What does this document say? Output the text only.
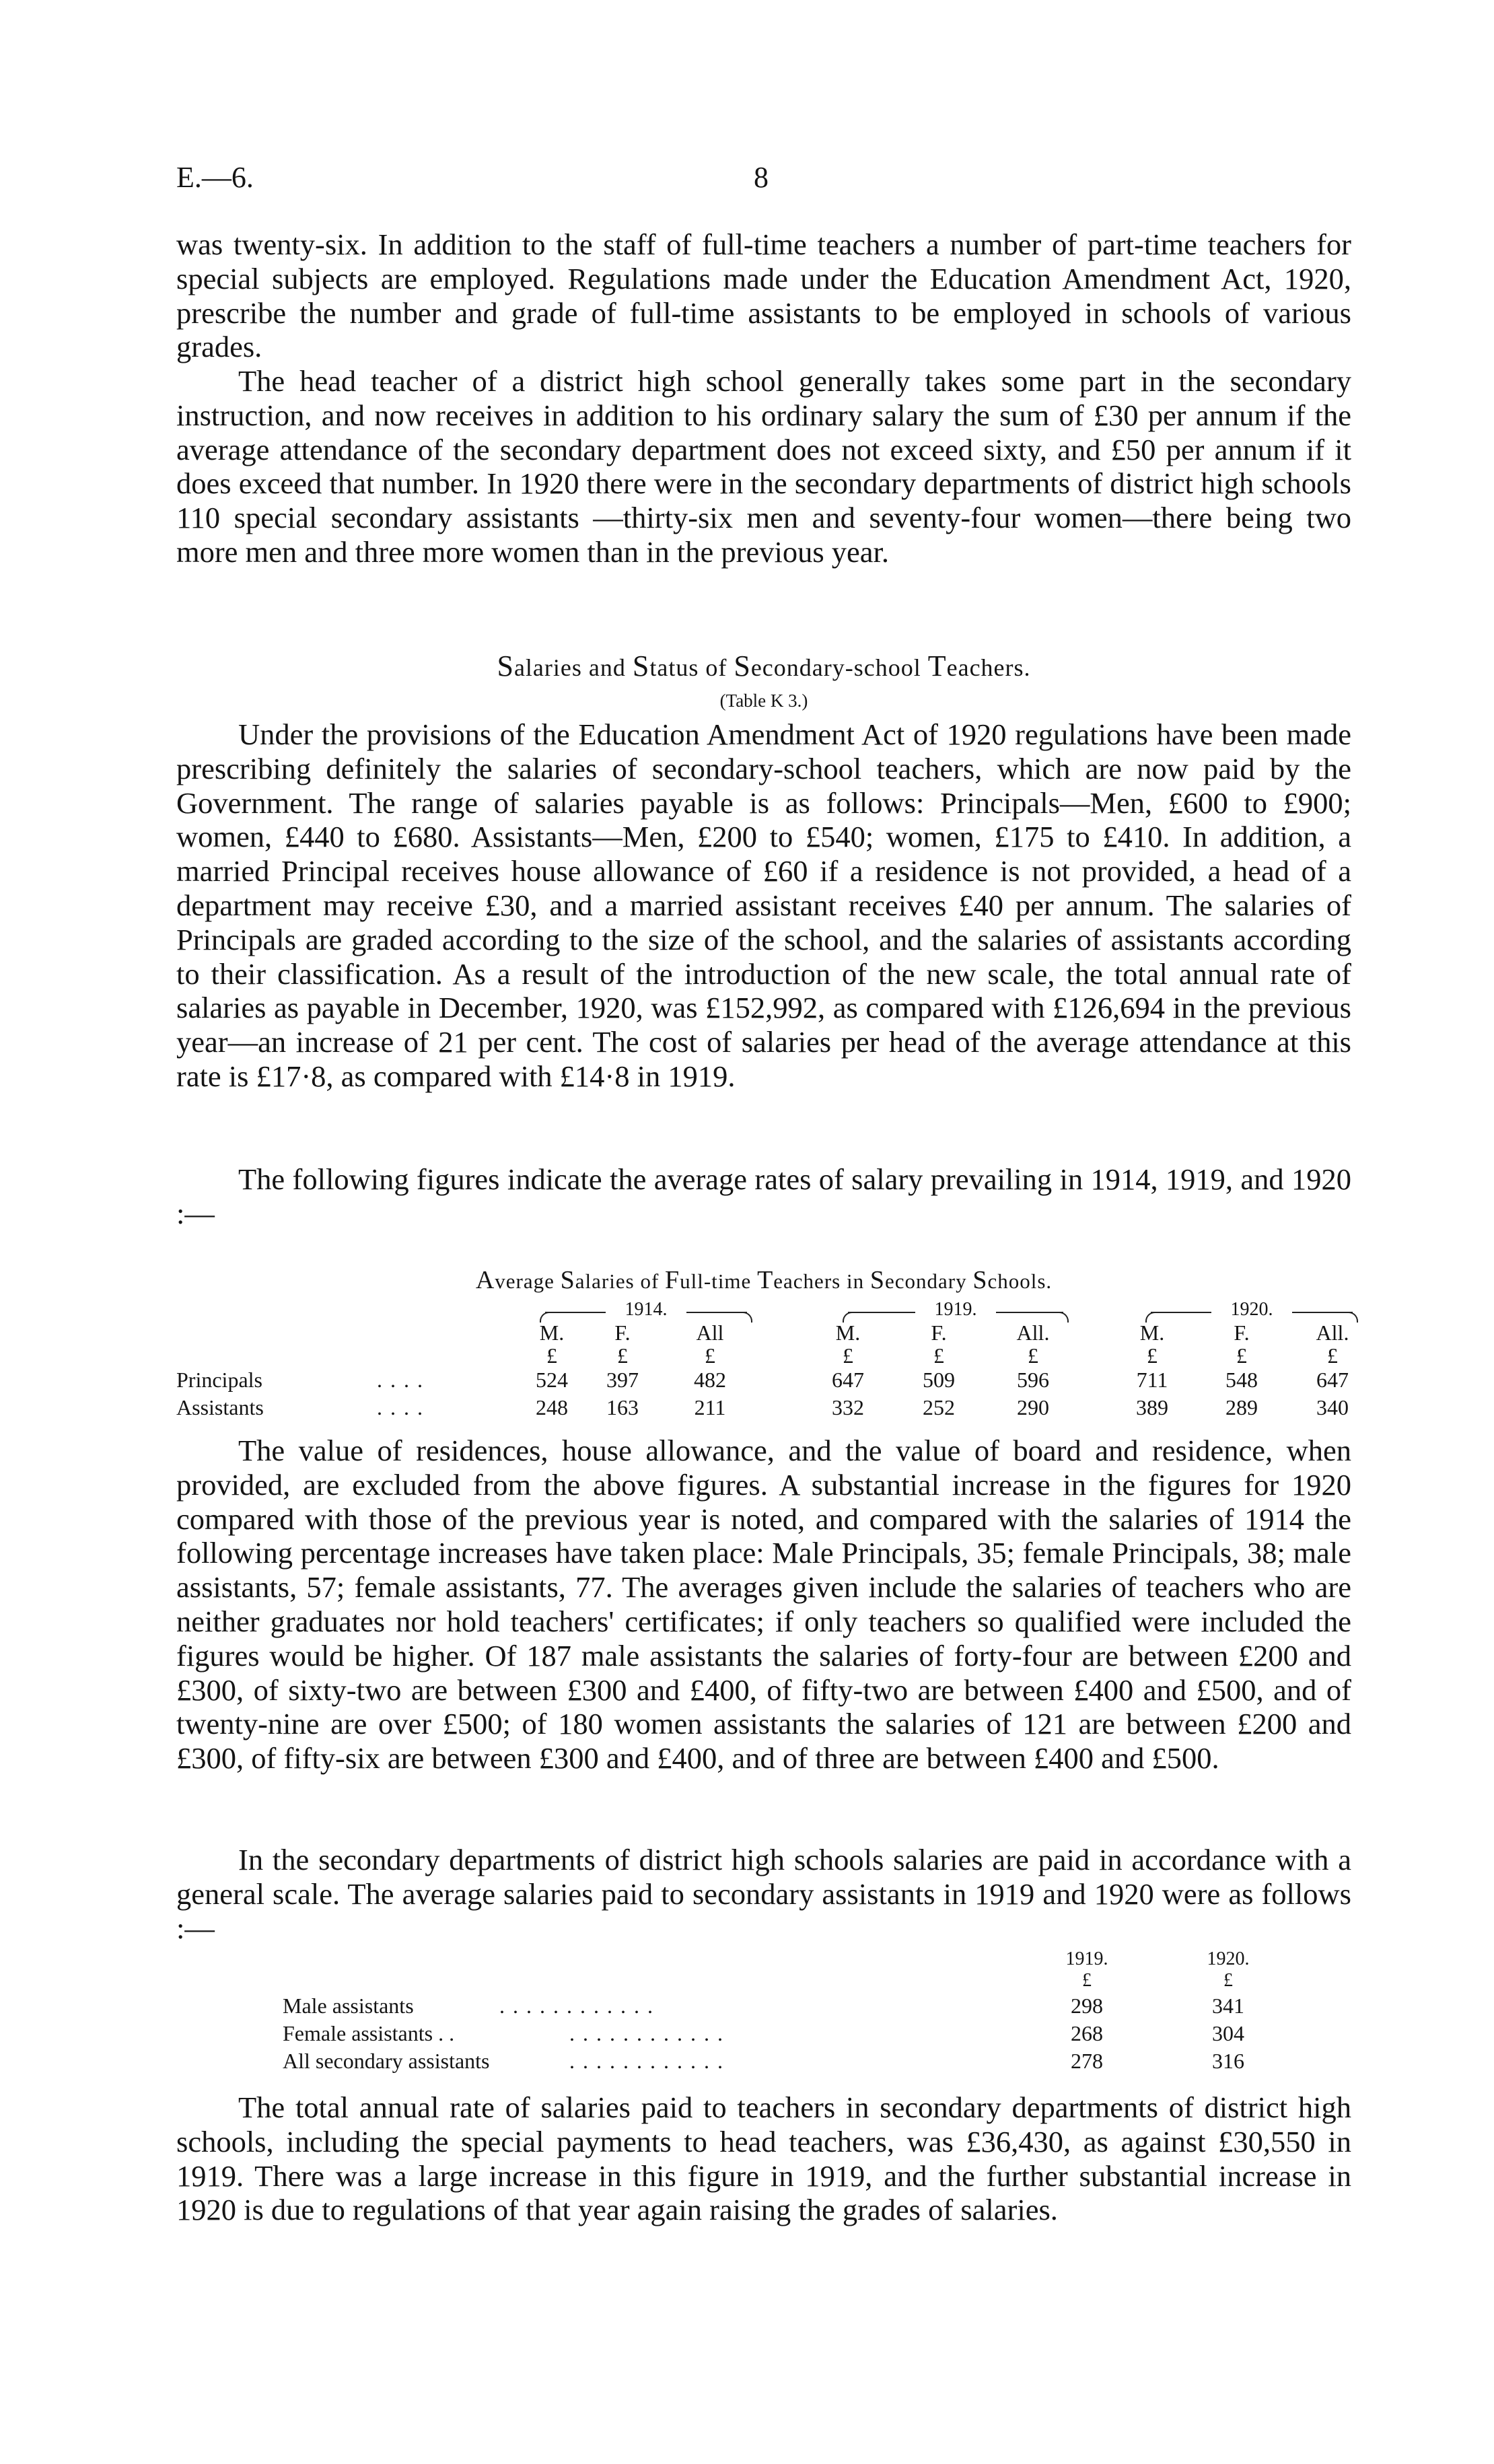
E.—6.	8
was twenty-six. In addition to the staff of full-time teachers a number of part-time teachers for special subjects are employed. Regulations made under the Education Amendment Act, 1920, prescribe the number and grade of full-time assistants to be employed in schools of various grades.
The head teacher of a district high school generally takes some part in the secondary instruction, and now receives in addition to his ordinary salary the sum of £30 per annum if the average attendance of the secondary department does not exceed sixty, and £50 per annum if it does exceed that number. In 1920 there were in the secondary departments of district high schools 110 special secondary assistants —thirty-six men and seventy-four women—there being two more men and three more women than in the previous year.
Salaries and Status of Secondary-school Teachers.
(Table K 3.)
Under the provisions of the Education Amendment Act of 1920 regulations have been made prescribing definitely the salaries of secondary-school teachers, which are now paid by the Government. The range of salaries payable is as follows: Principals—Men, £600 to £900; women, £440 to £680. Assistants—Men, £200 to £540; women, £175 to £410. In addition, a married Principal receives house allowance of £60 if a residence is not provided, a head of a department may receive £30, and a married assistant receives £40 per annum. The salaries of Principals are graded according to the size of the school, and the salaries of assistants according to their classification. As a result of the introduction of the new scale, the total annual rate of salaries as payable in December, 1920, was £152,992, as compared with £126,694 in the previous year—an increase of 21 per cent. The cost of salaries per head of the average attendance at this rate is £17·8, as compared with £14·8 in 1919.
The following figures indicate the average rates of salary prevailing in 1914, 1919, and 1920 :—
Average Salaries of Full-time Teachers in Secondary Schools.
1914.	1919.	1920.
M.	F.	All	M.	F.	All.	M.	F.	All.
£	£	£	£	£	£	£	£	£
Principals	. . . .	524	397	482	647	509	596	711	548	647
Assistants	. . . .	248	163	211	332	252	290	389	289	340
The value of residences, house allowance, and the value of board and residence, when provided, are excluded from the above figures. A substantial increase in the figures for 1920 compared with those of the previous year is noted, and compared with the salaries of 1914 the following percentage increases have taken place: Male Principals, 35; female Principals, 38; male assistants, 57; female assistants, 77. The averages given include the salaries of teachers who are neither graduates nor hold teachers' certificates; if only teachers so qualified were included the figures would be higher. Of 187 male assistants the salaries of forty-four are between £200 and £300, of sixty-two are between £300 and £400, of fifty-two are between £400 and £500, and of twenty-nine are over £500; of 180 women assistants the salaries of 121 are between £200 and £300, of fifty-six are between £300 and £400, and of three are between £400 and £500.
In the secondary departments of district high schools salaries are paid in accordance with a general scale. The average salaries paid to secondary assistants in 1919 and 1920 were as follows :—
1919.	1920.
£	£
Male assistants	. . . . . . . . . . . .	298	341
Female assistants . .	. . . . . . . . . . . .	268	304
All secondary assistants	. . . . . . . . . . . .	278	316
The total annual rate of salaries paid to teachers in secondary departments of district high schools, including the special payments to head teachers, was £36,430, as against £30,550 in 1919. There was a large increase in this figure in 1919, and the further substantial increase in 1920 is due to regulations of that year again raising the grades of salaries.
